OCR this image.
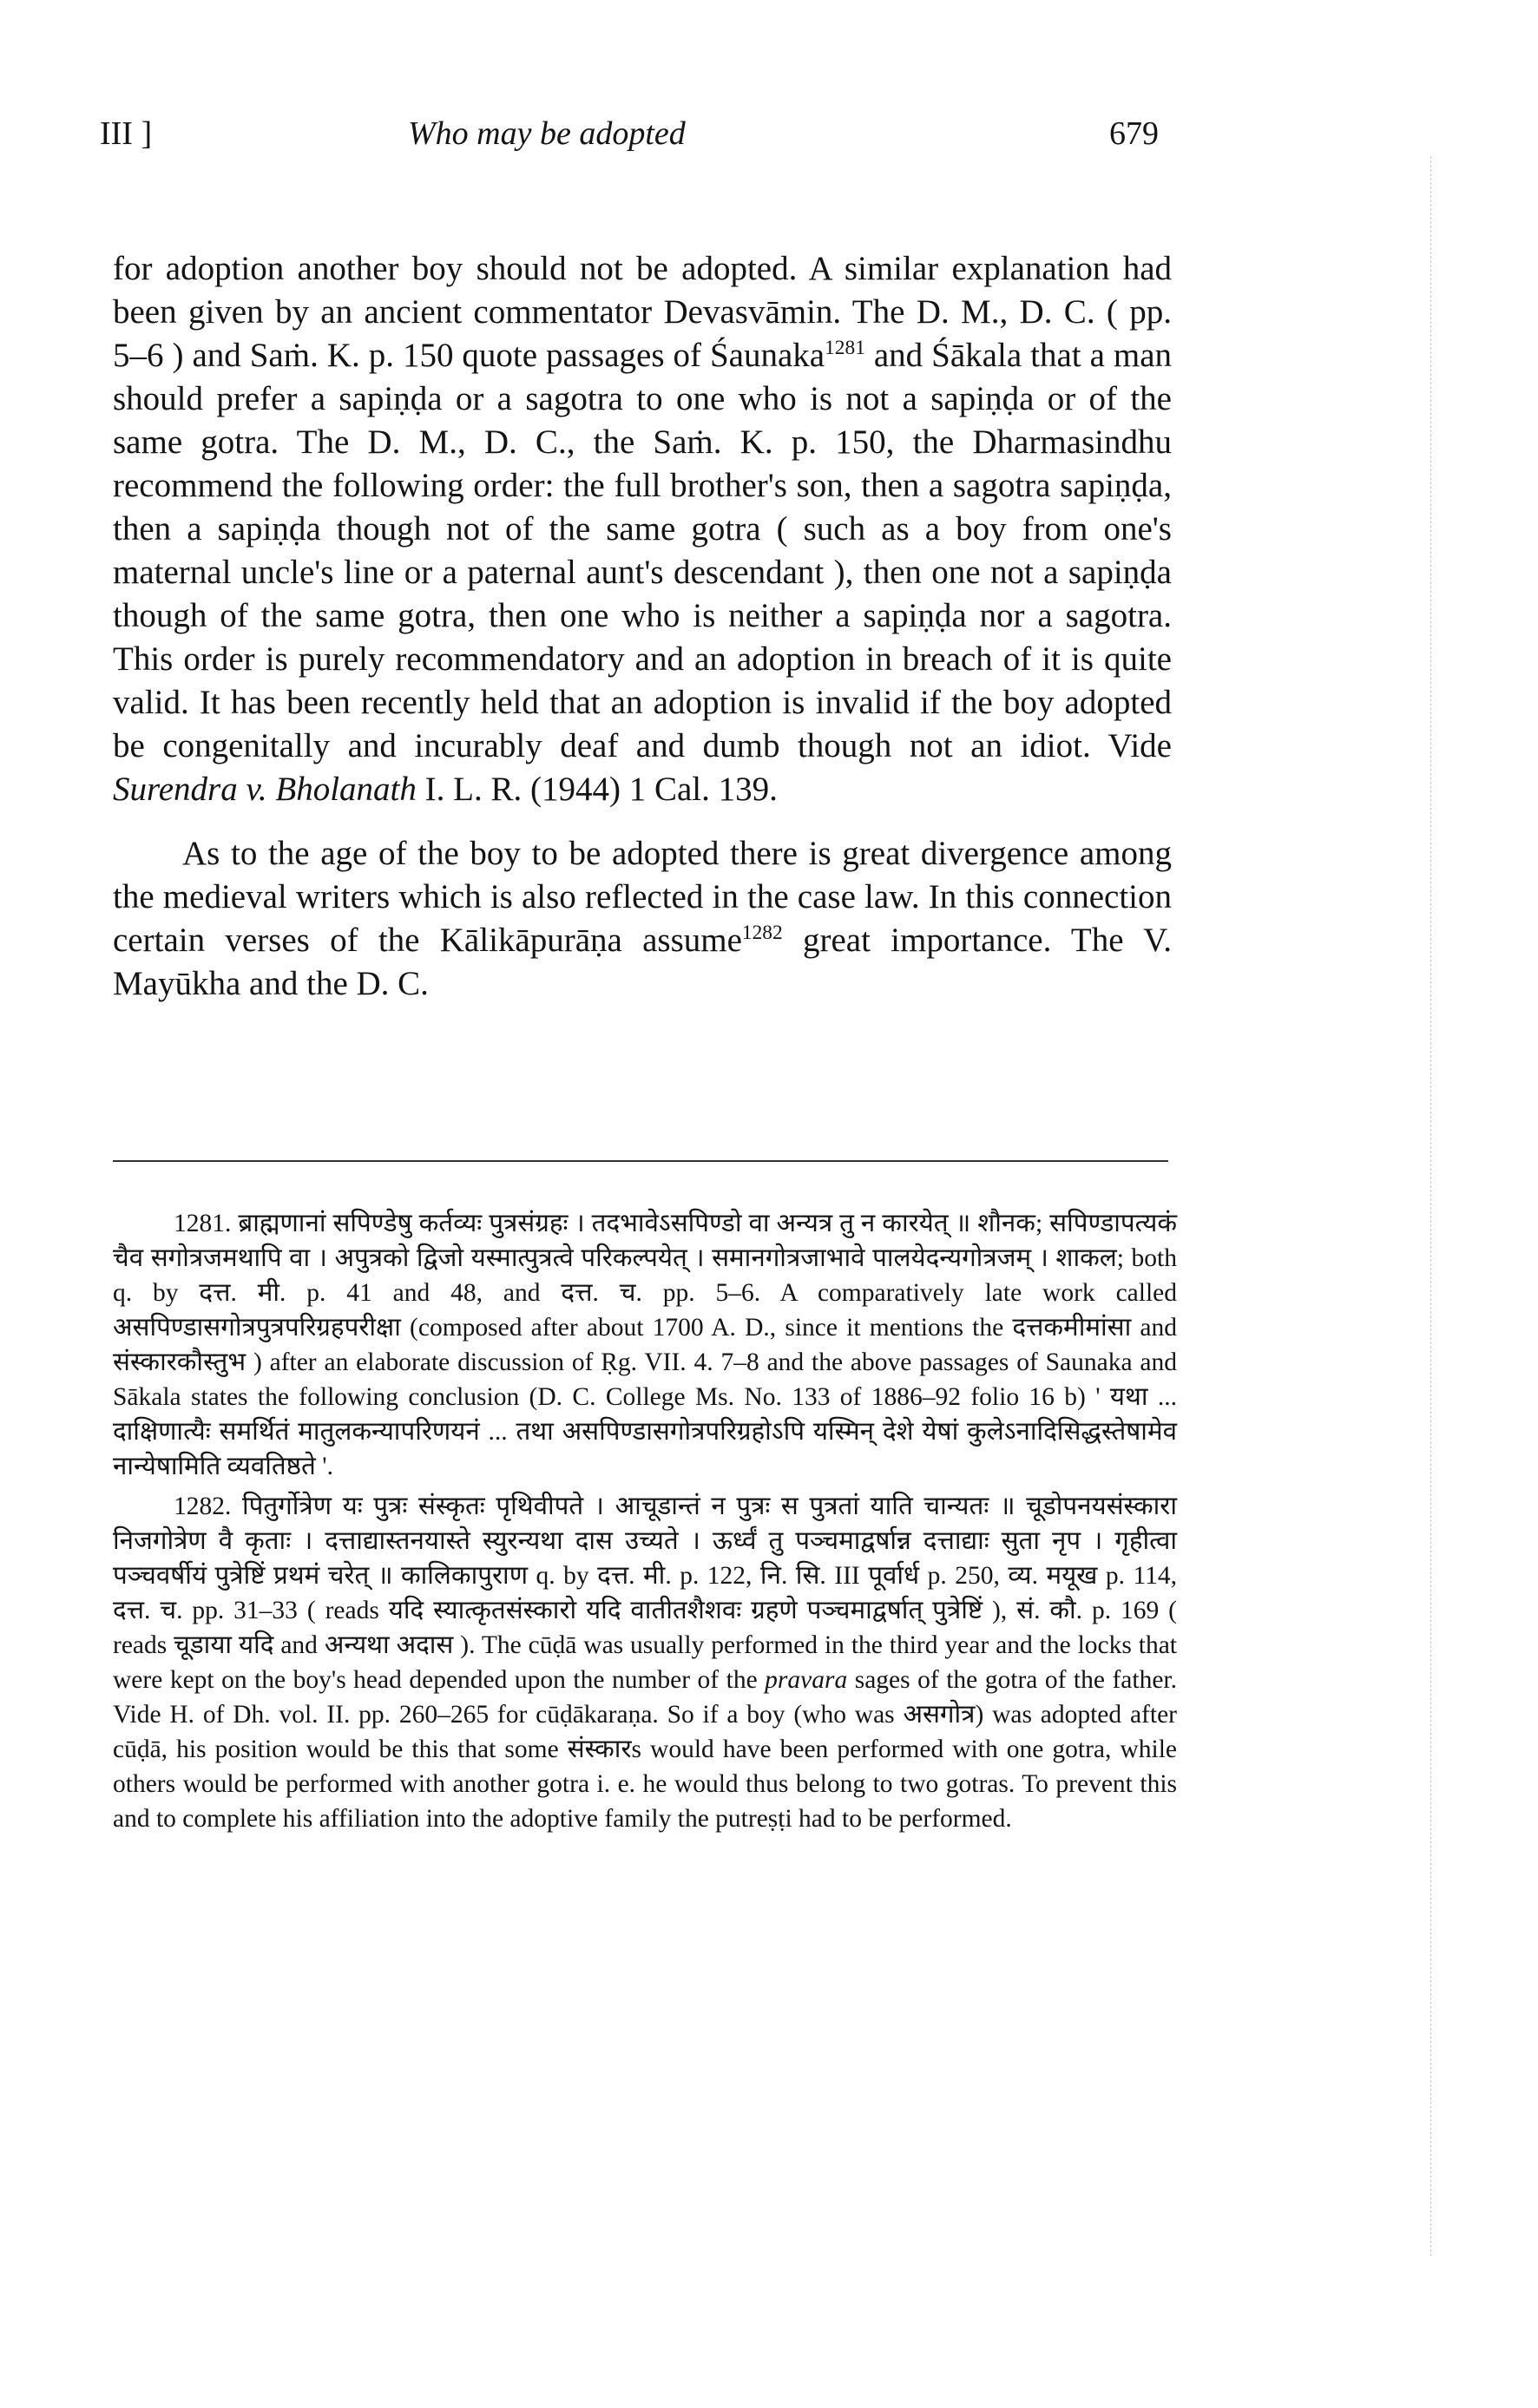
III ]	Who may be adopted	679

for adoption another boy should not be adopted. A similar explanation had been given by an ancient commentator Devasvāmin. The D. M., D. C. ( pp. 5–6 ) and Saṁ. K. p. 150 quote passages of Śaunaka$^{1281}$ and Śākala that a man should prefer a sapiṇḍa or a sagotra to one who is not a sapiṇḍa or of the same gotra. The D. M., D. C., the Saṁ. K. p. 150, the Dharmasindhu recommend the following order: the full brother's son, then a sagotra sapiṇḍa, then a sapiṇḍa though not of the same gotra ( such as a boy from one's maternal uncle's line or a paternal aunt's descendant ), then one not a sapiṇḍa though of the same gotra, then one who is neither a sapiṇḍa nor a sagotra. This order is purely recommendatory and an adoption in breach of it is quite valid. It has been recently held that an adoption is invalid if the boy adopted be congenitally and incurably deaf and dumb though not an idiot. Vide Surendra v. Bholanath I. L. R. (1944) 1 Cal. 139.

As to the age of the boy to be adopted there is great divergence among the medieval writers which is also reflected in the case law. In this connection certain verses of the Kālikāpurāṇa assume$^{1282}$ great importance. The V. Mayūkha and the D. C.

1281. ब्राह्मणानां सपिण्डेषु कर्तव्यः पुत्रसंग्रहः । तदभावेऽसपिण्डो वा अन्यत्र तु न कारयेत् ॥ शौनक; सपिण्डापत्यकं चैव सगोत्रजमथापि वा । अपुत्रको द्विजो यस्मात्पुत्रत्वे परिकल्पयेत् । समानगोत्रजाभावे पालयेदन्यगोत्रजम् । शाकल; both q. by दत्त. मी. p. 41 and 48, and दत्त. च. pp. 5–6. A comparatively late work called असपिण्डासगोत्रपुत्रपरिग्रहपरीक्षा (composed after about 1700 A. D., since it mentions the दत्तकमीमांसा and संस्कारकौस्तुभ ) after an elaborate discussion of Ṛg. VII. 4. 7–8 and the above passages of Saunaka and Sākala states the following conclusion (D. C. College Ms. No. 133 of 1886–92 folio 16 b) ' यथा ... दाक्षिणात्यैः समर्थितं मातुलकन्यापरिणयनं ... तथा असपिण्डासगोत्रपरिग्रहोऽपि यस्मिन् देशे येषां कुलेऽनादिसिद्धस्तेषामेव नान्येषामिति व्यवतिष्ठते '.

1282. पितुर्गोत्रेण यः पुत्रः संस्कृतः पृथिवीपते । आचूडान्तं न पुत्रः स पुत्रतां याति चान्यतः ॥ चूडोपनयसंस्कारा निजगोत्रेण वै कृताः । दत्ताद्यास्तनयास्ते स्युरन्यथा दास उच्यते । ऊर्ध्वं तु पञ्चमाद्वर्षान्न दत्ताद्याः सुता नृप । गृहीत्वा पञ्चवर्षीयं पुत्रेष्टिं प्रथमं चरेत् ॥ कालिकापुराण q. by दत्त. मी. p. 122, नि. सि. III पूर्वार्ध p. 250, व्य. मयूख p. 114, दत्त. च. pp. 31–33 ( reads यदि स्यात्कृतसंस्कारो यदि वातीतशैशवः ग्रहणे पञ्चमाद्वर्षात् पुत्रेष्टिं ), सं. कौ. p. 169 ( reads चूडाया यदि and अन्यथा अदास ). The cūḍā was usually performed in the third year and the locks that were kept on the boy's head depended upon the number of the pravara sages of the gotra of the father. Vide H. of Dh. vol. II. pp. 260–265 for cūḍākaraṇa. So if a boy (who was असगोत्र) was adopted after cūḍā, his position would be this that some संस्कारs would have been performed with one gotra, while others would be performed with another gotra i. e. he would thus belong to two gotras. To prevent this and to complete his affiliation into the adoptive family the putreṣṭi had to be performed.
